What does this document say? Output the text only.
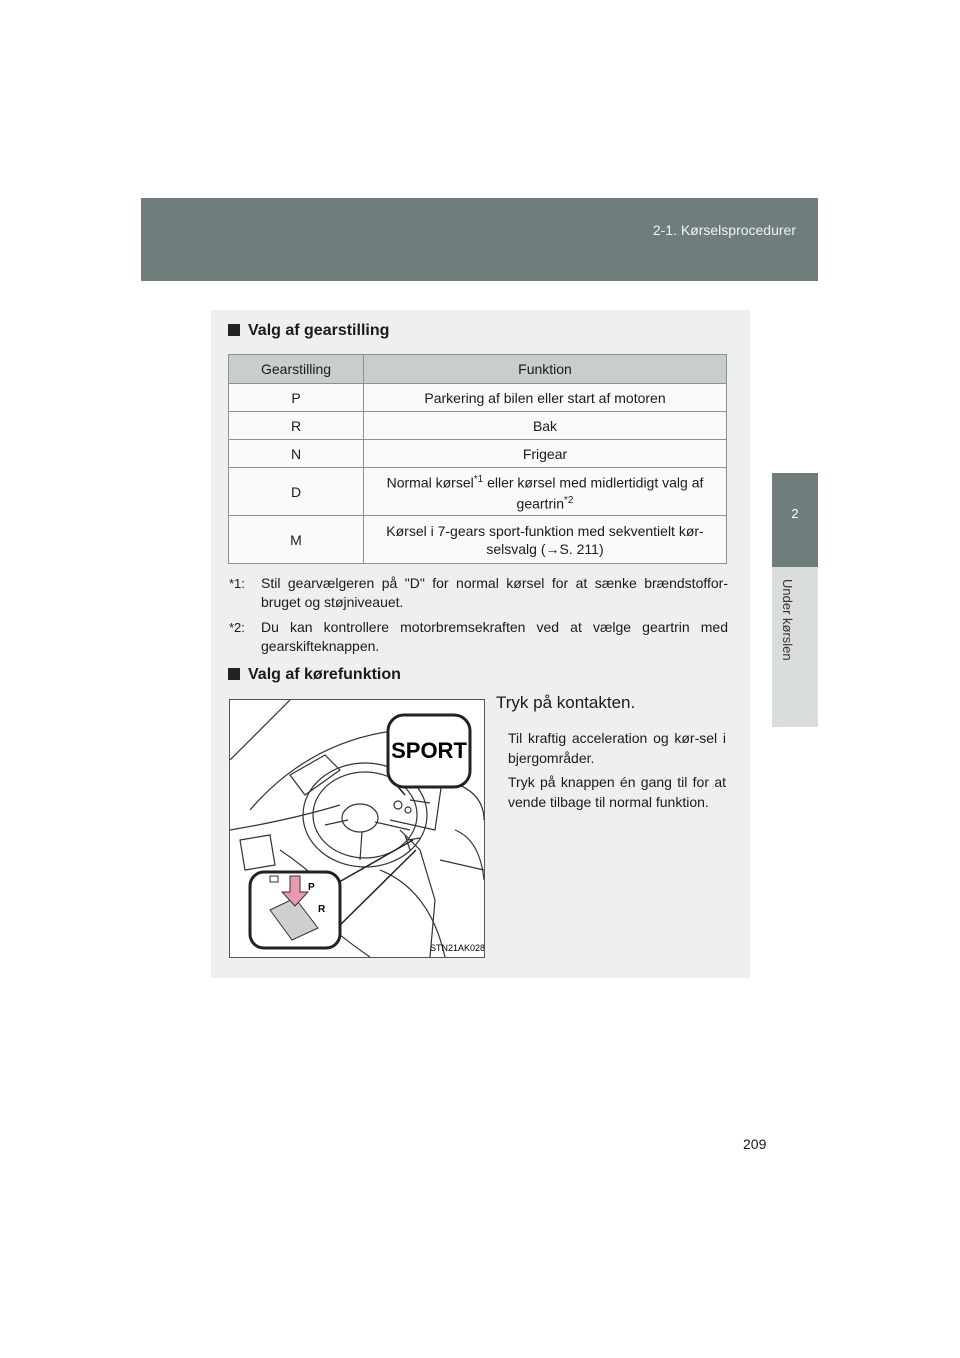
2-1. Kørselsprocedurer
2
Under kørslen
Valg af gearstilling
Gearstilling	Funktion
P	Parkering af bilen eller start af motoren
R	Bak
N	Frigear
D	Normal kørsel$^{*1}$ eller kørsel med midlertidigt valg af geartrin$^{*2}$
M	Kørsel i 7-gears sport-funktion med sekventielt kør-selsvalg (→S. 211)
*1:	Stil gearvælgeren på "D" for normal kørsel for at sænke brændstoffor-bruget og støjniveauet.
*2:	Du kan kontrollere motorbremsekraften ved at vælge geartrin med gearskifteknappen.
Valg af kørefunktion
SPORT
P
R
STN21AK028
Tryk på kontakten.
Til kraftig acceleration og kør-sel i bjergområder.
Tryk på knappen én gang til for at vende tilbage til normal funktion.
209
